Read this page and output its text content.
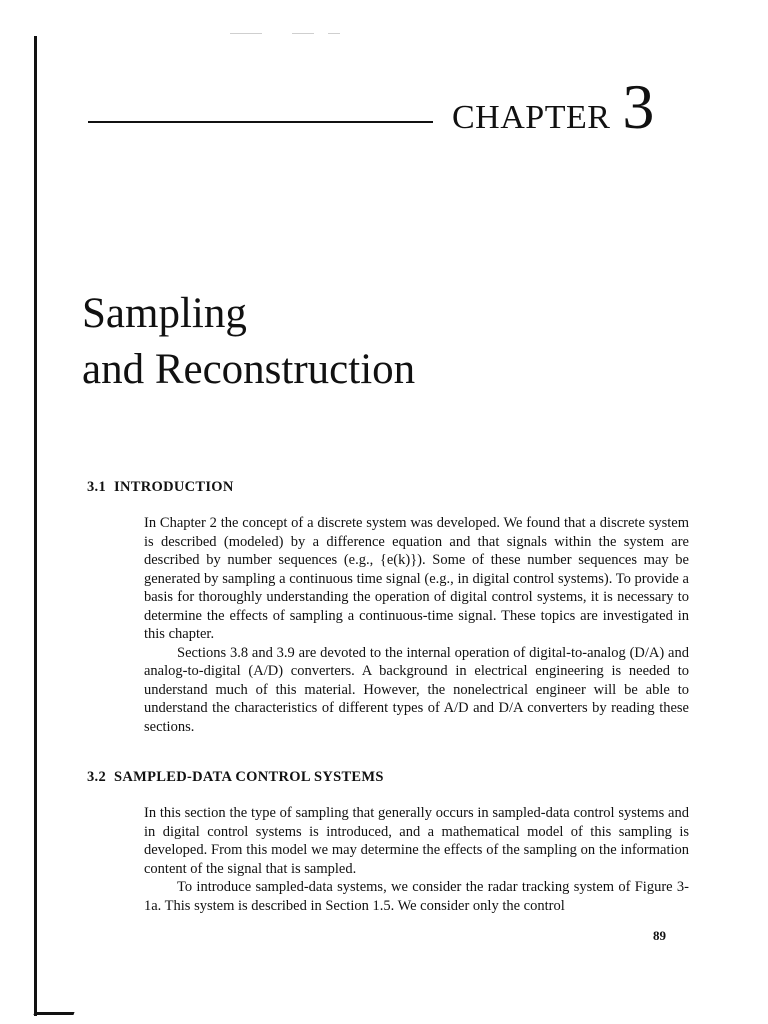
CHAPTER 3
Sampling
and Reconstruction
3.1 INTRODUCTION

In Chapter 2 the concept of a discrete system was developed. We found that a discrete system is described (modeled) by a difference equation and that signals within the system are described by number sequences (e.g., {e(k)}). Some of these number sequences may be generated by sampling a continuous time signal (e.g., in digital control systems). To provide a basis for thoroughly understanding the operation of digital control systems, it is necessary to determine the effects of sampling a continuous-time signal. These topics are investigated in this chapter.

Sections 3.8 and 3.9 are devoted to the internal operation of digital-to-analog (D/A) and analog-to-digital (A/D) converters. A background in electrical engineering is needed to understand much of this material. However, the nonelectrical engineer will be able to understand the characteristics of different types of A/D and D/A converters by reading these sections.

3.2 SAMPLED-DATA CONTROL SYSTEMS

In this section the type of sampling that generally occurs in sampled-data control systems and in digital control systems is introduced, and a mathematical model of this sampling is developed. From this model we may determine the effects of the sampling on the information content of the signal that is sampled.

To introduce sampled-data systems, we consider the radar tracking system of Figure 3-1a. This system is described in Section 1.5. We consider only the control

89
